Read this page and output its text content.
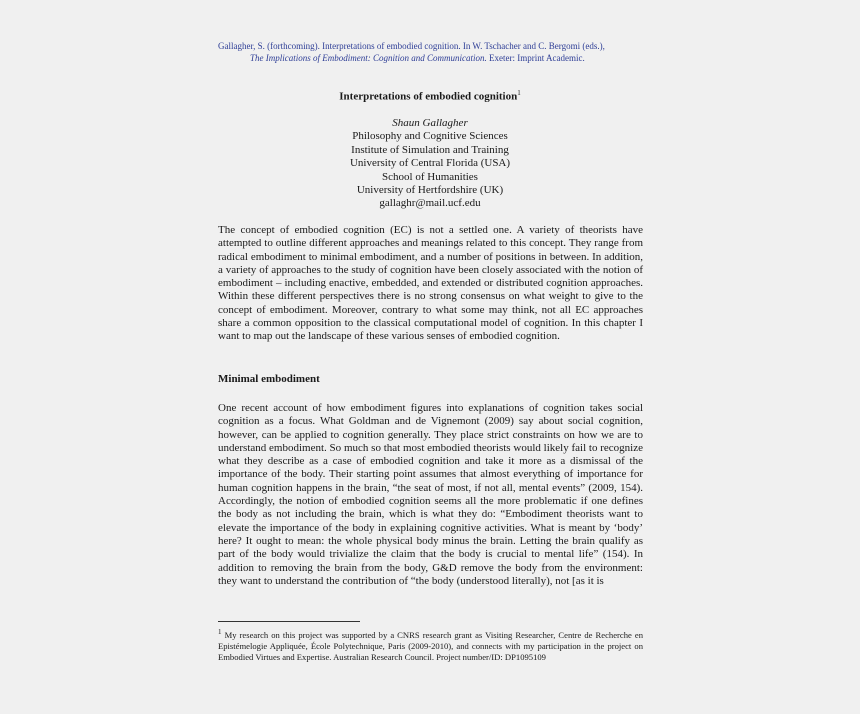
Gallagher, S. (forthcoming). Interpretations of embodied cognition. In W. Tschacher and C. Bergomi (eds.),
The Implications of Embodiment: Cognition and Communication. Exeter: Imprint Academic.
Interpretations of embodied cognition$^1$
Shaun Gallagher
Philosophy and Cognitive Sciences
Institute of Simulation and Training
University of Central Florida (USA)
School of Humanities
University of Hertfordshire (UK)
gallaghr@mail.ucf.edu

The concept of embodied cognition (EC) is not a settled one. A variety of theorists have attempted to outline different approaches and meanings related to this concept. They range from radical embodiment to minimal embodiment, and a number of positions in between. In addition, a variety of approaches to the study of cognition have been closely associated with the notion of embodiment – including enactive, embedded, and extended or distributed cognition approaches. Within these different perspectives there is no strong consensus on what weight to give to the concept of embodiment. Moreover, contrary to what some may think, not all EC approaches share a common opposition to the classical computational model of cognition. In this chapter I want to map out the landscape of these various senses of embodied cognition.

Minimal embodiment

One recent account of how embodiment figures into explanations of cognition takes social cognition as a focus. What Goldman and de Vignemont (2009) say about social cognition, however, can be applied to cognition generally. They place strict constraints on how we are to understand embodiment. So much so that most embodied theorists would likely fail to recognize what they describe as a case of embodied cognition and take it more as a dismissal of the importance of the body. Their starting point assumes that almost everything of importance for human cognition happens in the brain, “the seat of most, if not all, mental events” (2009, 154). Accordingly, the notion of embodied cognition seems all the more problematic if one defines the body as not including the brain, which is what they do: “Embodiment theorists want to elevate the importance of the body in explaining cognitive activities. What is meant by ‘body’ here? It ought to mean: the whole physical body minus the brain. Letting the brain qualify as part of the body would trivialize the claim that the body is crucial to mental life” (154). In addition to removing the brain from the body, G&D remove the body from the environment: they want to understand the contribution of “the body (understood literally), not [as it is

$^1$ My research on this project was supported by a CNRS research grant as Visiting Researcher, Centre de Recherche en Epistémelogie Appliquée, École Polytechnique, Paris (2009-2010), and connects with my participation in the project on Embodied Virtues and Expertise. Australian Research Council. Project number/ID: DP1095109
